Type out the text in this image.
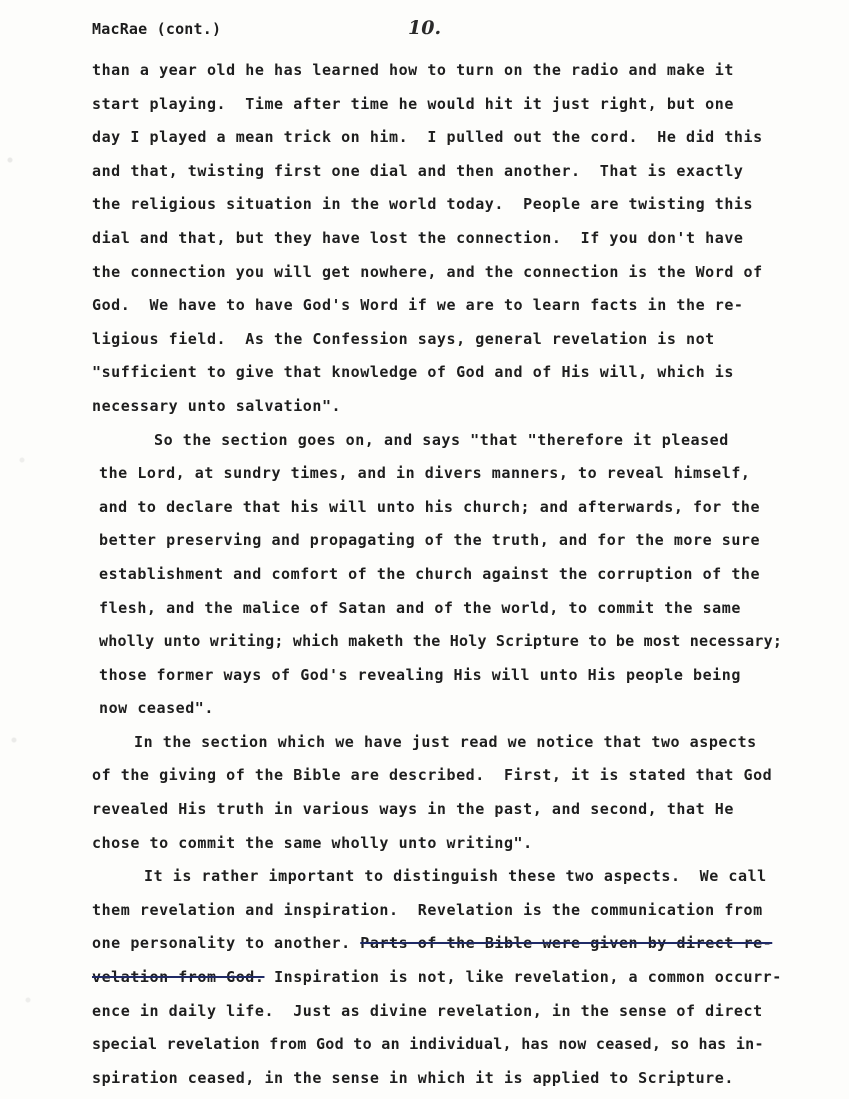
MacRae (cont.)	10.
than a year old he has learned how to turn on the radio and make it
start playing.  Time after time he would hit it just right, but one
day I played a mean trick on him.  I pulled out the cord.  He did this
and that, twisting first one dial and then another.  That is exactly
the religious situation in the world today.  People are twisting this
dial and that, but they have lost the connection.  If you don't have
the connection you will get nowhere, and the connection is the Word of
God.  We have to have God's Word if we are to learn facts in the re-
ligious field.  As the Confession says, general revelation is not
"sufficient to give that knowledge of God and of His will, which is
necessary unto salvation".
So the section goes on, and says "that "therefore it pleased
the Lord, at sundry times, and in divers manners, to reveal himself,
and to declare that his will unto his church; and afterwards, for the
better preserving and propagating of the truth, and for the more sure
establishment and comfort of the church against the corruption of the
flesh, and the malice of Satan and of the world, to commit the same
wholly unto writing; which maketh the Holy Scripture to be most necessary;
those former ways of God's revealing His will unto His people being
now ceased".
In the section which we have just read we notice that two aspects
of the giving of the Bible are described.  First, it is stated that God
revealed His truth in various ways in the past, and second, that He
chose to commit the same wholly unto writing".
It is rather important to distinguish these two aspects.  We call
them revelation and inspiration.  Revelation is the communication from
one personality to another. Parts of the Bible were given by direct re-
velation from God. Inspiration is not, like revelation, a common occurr-
ence in daily life.  Just as divine revelation, in the sense of direct
special revelation from God to an individual, has now ceased, so has in-
spiration ceased, in the sense in which it is applied to Scripture.
